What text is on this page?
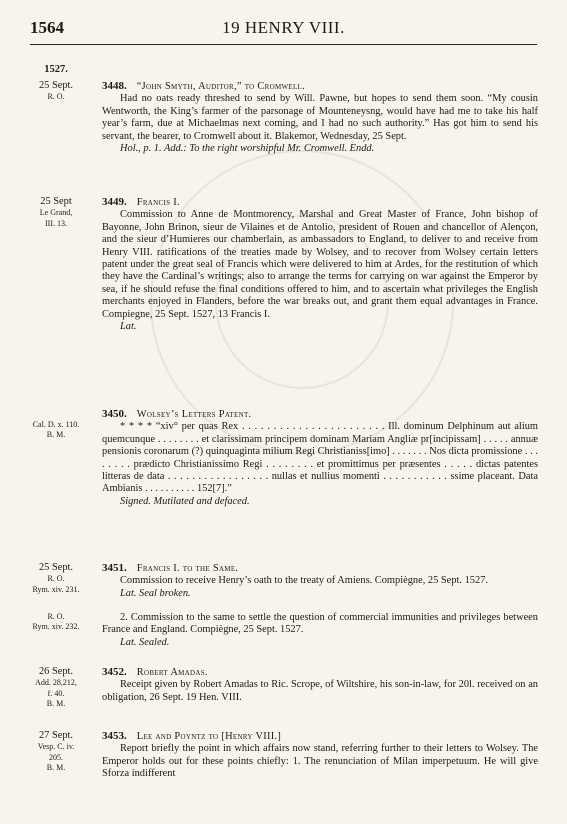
1564	19 HENRY VIII.
1527.
25 Sept.
R. O.
3448. “John Smyth, Auditor,” to Cromwell.
Had no oats ready threshed to send by Will. Pawne, but hopes to send them soon. “My cousin Wentworth, the King’s farmer of the parsonage of Mounteneysng, would have had me to take his half year’s farm, due at Michaelmas next coming, and I had no such authority.” Has got him to send his servant, the bearer, to Cromwell about it. Blakemor, Wednesday, 25 Sept.
Hol., p. 1. Add.: To the right worshipful Mr. Cromwell. Endd.
25 Sept
Le Grand,
III. 13.
3449. Francis I.
Commission to Anne de Montmorency, Marshal and Great Master of France, John bishop of Bayonne, John Brinon, sieur de Vilaines et de Antolio, president of Rouen and chancellor of Alençon, and the sieur d’Humieres our chamberlain, as ambassadors to England, to deliver to and receive from Henry VIII. ratifications of the treaties made by Wolsey, and to recover from Wolsey certain letters patent under the great seal of Francis which were delivered to him at Ardes, for the restitution of which they have the Cardinal’s writings; also to arrange the terms for carrying on war against the Emperor by sea, if he should refuse the final conditions offered to him, and to ascertain what privileges the English merchants enjoyed in Flanders, before the war breaks out, and grant them equal advantages in France. Compiegne, 25 Sept. 1527, 13 Francis I.
Lat.
Cal. D. x. 110.
B. M.
3450. Wolsey’s Letters Patent.
* * * * “xiv° per quas Rex . . . . . . . . . . . . . . . . . . . . . . . Ill. dominum Delphinum aut alium quemcunque . . . . . . . . et clarissimam principem dominam Mariam Angliæ pr[incipissam] . . . . . annuæ pensionis coronarum (?) quinquaginta milium Regi Christianiss[imo] . . . . . . . Nos dicta promissione . . . . . . . . prædicto Christianissimo Regi . . . . . . . . et promittimus per præsentes . . . . . dictas patentes litteras de data . . . . . . . . . . . . . . . . . nullas et nullius momenti . . . . . . . . . . . ssime placeant. Data Ambianis . . . . . . . . . . 152[7].”
Signed. Mutilated and defaced.
25 Sept.
R. O.
Rym. xiv. 231.
3451. Francis I. to the Same.
Commission to receive Henry’s oath to the treaty of Amiens. Compiègne, 25 Sept. 1527.
Lat. Seal broken.
R. O.
Rym. xiv. 232.
2. Commission to the same to settle the question of commercial immunities and privileges between France and England. Compiègne, 25 Sept. 1527.
Lat. Sealed.
26 Sept.
Add. 28,212,
f. 40.
B. M.
3452. Robert Amadas.
Receipt given by Robert Amadas to Ric. Scrope, of Wiltshire, his son-in-law, for 20l. received on an obligation, 26 Sept. 19 Hen. VIII.
27 Sept.
Vesp. C. iv.
205.
B. M.
3453. Lee and Poyntz to [Henry VIII.]
Report briefly the point in which affairs now stand, referring further to their letters to Wolsey. The Emperor holds out for these points chiefly: 1. The renunciation of Milan imperpetuum. He will give Sforza indifferent
